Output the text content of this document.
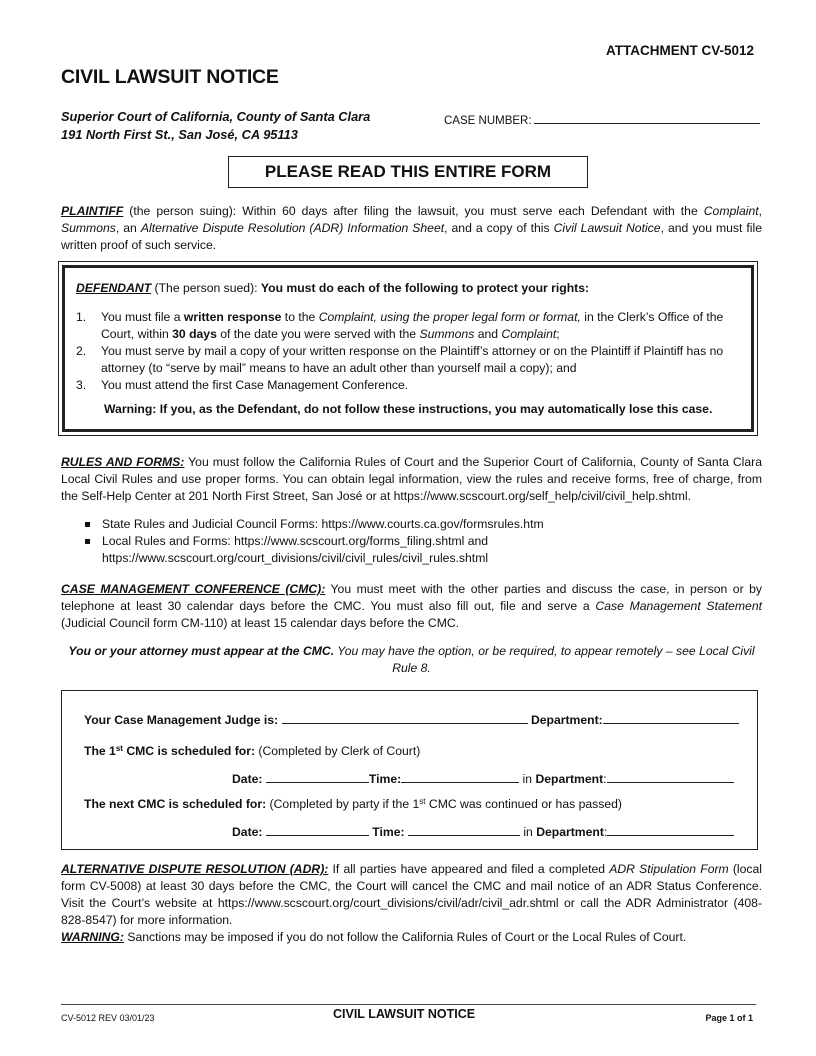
ATTACHMENT CV-5012
CIVIL LAWSUIT NOTICE
Superior Court of California, County of Santa Clara
191 North First St., San José, CA 95113
CASE NUMBER:
PLEASE READ THIS ENTIRE FORM
PLAINTIFF (the person suing): Within 60 days after filing the lawsuit, you must serve each Defendant with the Complaint, Summons, an Alternative Dispute Resolution (ADR) Information Sheet, and a copy of this Civil Lawsuit Notice, and you must file written proof of such service.
DEFENDANT (The person sued): You must do each of the following to protect your rights:
1. You must file a written response to the Complaint, using the proper legal form or format, in the Clerk’s Office of the Court, within 30 days of the date you were served with the Summons and Complaint;
2. You must serve by mail a copy of your written response on the Plaintiff’s attorney or on the Plaintiff if Plaintiff has no attorney (to “serve by mail” means to have an adult other than yourself mail a copy); and
3. You must attend the first Case Management Conference.
Warning: If you, as the Defendant, do not follow these instructions, you may automatically lose this case.
RULES AND FORMS: You must follow the California Rules of Court and the Superior Court of California, County of Santa Clara Local Civil Rules and use proper forms. You can obtain legal information, view the rules and receive forms, free of charge, from the Self-Help Center at 201 North First Street, San José or at https://www.scscourt.org/self_help/civil/civil_help.shtml.
State Rules and Judicial Council Forms: https://www.courts.ca.gov/formsrules.htm
Local Rules and Forms: https://www.scscourt.org/forms_filing.shtml and
https://www.scscourt.org/court_divisions/civil/civil_rules/civil_rules.shtml
CASE MANAGEMENT CONFERENCE (CMC): You must meet with the other parties and discuss the case, in person or by telephone at least 30 calendar days before the CMC. You must also fill out, file and serve a Case Management Statement (Judicial Council form CM-110) at least 15 calendar days before the CMC.
You or your attorney must appear at the CMC. You may have the option, or be required, to appear remotely – see Local Civil Rule 8.
Your Case Management Judge is:	Department:
The 1st CMC is scheduled for: (Completed by Clerk of Court)
Date:	Time:	in Department:
The next CMC is scheduled for: (Completed by party if the 1st CMC was continued or has passed)
Date:	Time:	in Department:
ALTERNATIVE DISPUTE RESOLUTION (ADR): If all parties have appeared and filed a completed ADR Stipulation Form (local form CV-5008) at least 30 days before the CMC, the Court will cancel the CMC and mail notice of an ADR Status Conference. Visit the Court’s website at https://www.scscourt.org/court_divisions/civil/adr/civil_adr.shtml or call the ADR Administrator (408-828-8547) for more information.
WARNING: Sanctions may be imposed if you do not follow the California Rules of Court or the Local Rules of Court.
CV-5012 REV 03/01/23	CIVIL LAWSUIT NOTICE	Page 1 of 1
